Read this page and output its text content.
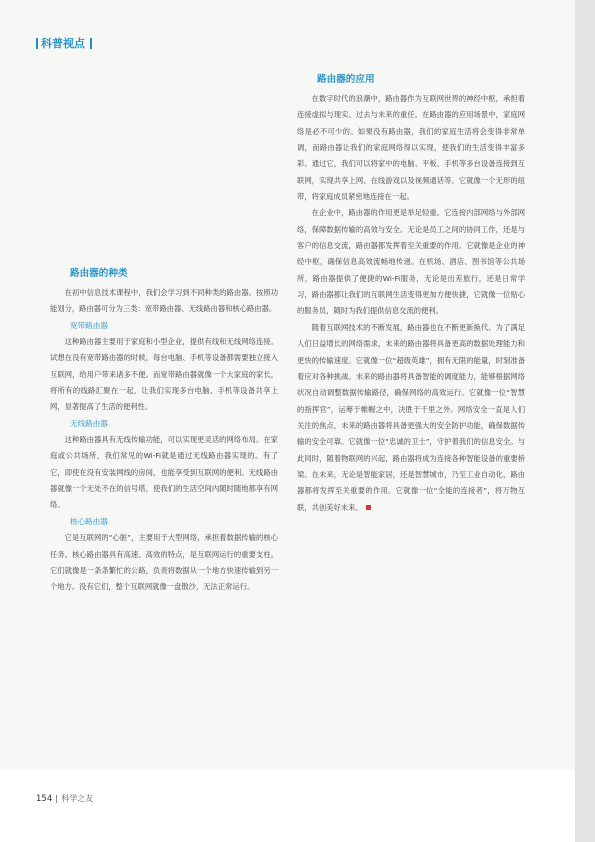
科普视点
路由器的种类

在初中信息技术课程中，我们会学习到不同种类的路由器。按照功能划分，路由器可分为三类：宽带路由器、无线路由器和核心路由器。

宽带路由器

这种路由器主要用于家庭和小型企业，提供有线和无线网络连接。试想在没有宽带路由器的时候，每台电脑、手机等设备都需要独立接入互联网，给用户带来诸多不便。而宽带路由器就像一个大家庭的家长，将所有的线路汇聚在一起，让我们实现多台电脑、手机等设备共享上网，显著提高了生活的便利性。

无线路由器

这种路由器具有无线传输功能，可以实现更灵活的网络布局。在家庭或公共场所，我们常见的Wi-Fi就是通过无线路由器实现的。有了它，即使在没有安装网线的房间，也能享受到互联网的便利。无线路由器就像一个无处不在的信号塔，使我们的生活空间内随时随地都享有网络。

核心路由器

它是互联网的“心脏”，主要用于大型网络，承担着数据传输的核心任务。核心路由器具有高速、高效的特点，是互联网运行的重要支柱。它们就像是一条条繁忙的公路，负责将数据从一个地方快速传输到另一个地方。没有它们，整个互联网就像一盘散沙，无法正常运行。

路由器的应用

在数字时代的浪潮中，路由器作为互联网世界的神经中枢，承担着连接虚拟与现实、过去与未来的重任。在路由器的应用场景中，家庭网络是必不可少的。如果没有路由器，我们的家庭生活将会变得非常单调，而路由器让我们的家庭网络得以实现，使我们的生活变得丰富多彩。通过它，我们可以将家中的电脑、平板、手机等多台设备连接到互联网，实现共享上网、在线游戏以及视频通话等。它就像一个无形的纽带，将家庭成员紧密地连接在一起。

在企业中，路由器的作用更是举足轻重。它连接内部网络与外部网络，保障数据传输的高效与安全。无论是员工之间的协同工作，还是与客户的信息交流，路由器都发挥着至关重要的作用。它就像是企业的神经中枢，确保信息高效流畅地传递。在机场、酒店、图书馆等公共场所，路由器提供了便捷的Wi-Fi服务，无论是出差旅行，还是日常学习，路由器都让我们的互联网生活变得更加方便快捷，它就像一位贴心的服务员，随时为我们提供信息交流的便利。

随着互联网技术的不断发展，路由器也在不断更新换代。为了满足人们日益增长的网络需求，未来的路由器将具备更高的数据处理能力和更快的传输速度。它就像一位“超级英雄”，拥有无限的能量，时刻准备着应对各种挑战。未来的路由器将具备智能的调度能力，能够根据网络状况自动调整数据传输路径，确保网络的高效运行。它就像一位“智慧的指挥官”，运筹于帷幄之中，决胜于千里之外。网络安全一直是人们关注的焦点，未来的路由器将具备更强大的安全防护功能，确保数据传输的安全可靠。它就像一位“忠诚的卫士”，守护着我们的信息安全。与此同时，随着物联网的兴起，路由器将成为连接各种智能设备的重要桥梁。在未来，无论是智能家居，还是智慧城市，乃至工业自动化，路由器都将发挥至关重要的作用。它就像一位“全能的连接者”，将万物互联，共创美好未来。

154 科学之友
